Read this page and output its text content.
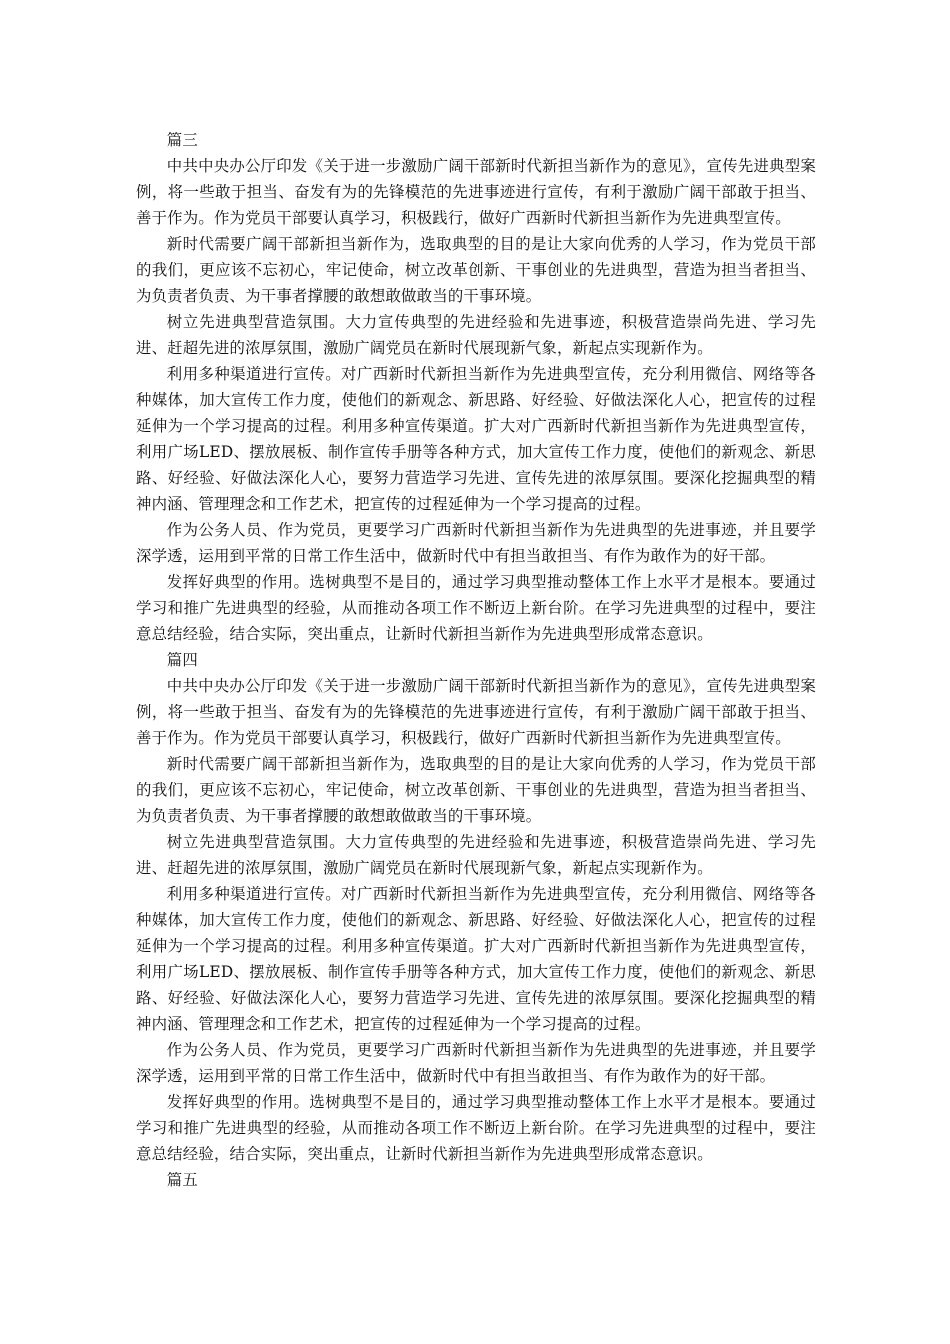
篇三

中共中央办公厅印发《关于进一步激励广阔干部新时代新担当新作为的意见》，宣传先进典型案例，将一些敢于担当、奋发有为的先锋模范的先进事迹进行宣传，有利于激励广阔干部敢于担当、善于作为。作为党员干部要认真学习，积极践行，做好广西新时代新担当新作为先进典型宣传。

新时代需要广阔干部新担当新作为，选取典型的目的是让大家向优秀的人学习，作为党员干部的我们，更应该不忘初心，牢记使命，树立改革创新、干事创业的先进典型，营造为担当者担当、为负责者负责、为干事者撑腰的敢想敢做敢当的干事环境。

树立先进典型营造氛围。大力宣传典型的先进经验和先进事迹，积极营造崇尚先进、学习先进、赶超先进的浓厚氛围，激励广阔党员在新时代展现新气象，新起点实现新作为。

利用多种渠道进行宣传。对广西新时代新担当新作为先进典型宣传，充分利用微信、网络等各种媒体，加大宣传工作力度，使他们的新观念、新思路、好经验、好做法深化人心，把宣传的过程延伸为一个学习提高的过程。利用多种宣传渠道。扩大对广西新时代新担当新作为先进典型宣传，利用广场LED、摆放展板、制作宣传手册等各种方式，加大宣传工作力度，使他们的新观念、新思路、好经验、好做法深化人心，要努力营造学习先进、宣传先进的浓厚氛围。要深化挖掘典型的精神内涵、管理理念和工作艺术，把宣传的过程延伸为一个学习提高的过程。

作为公务人员、作为党员，更要学习广西新时代新担当新作为先进典型的先进事迹，并且要学深学透，运用到平常的日常工作生活中，做新时代中有担当敢担当、有作为敢作为的好干部。

发挥好典型的作用。选树典型不是目的，通过学习典型推动整体工作上水平才是根本。要通过学习和推广先进典型的经验，从而推动各项工作不断迈上新台阶。在学习先进典型的过程中，要注意总结经验，结合实际，突出重点，让新时代新担当新作为先进典型形成常态意识。

篇四

中共中央办公厅印发《关于进一步激励广阔干部新时代新担当新作为的意见》，宣传先进典型案例，将一些敢于担当、奋发有为的先锋模范的先进事迹进行宣传，有利于激励广阔干部敢于担当、善于作为。作为党员干部要认真学习，积极践行，做好广西新时代新担当新作为先进典型宣传。

新时代需要广阔干部新担当新作为，选取典型的目的是让大家向优秀的人学习，作为党员干部的我们，更应该不忘初心，牢记使命，树立改革创新、干事创业的先进典型，营造为担当者担当、为负责者负责、为干事者撑腰的敢想敢做敢当的干事环境。

树立先进典型营造氛围。大力宣传典型的先进经验和先进事迹，积极营造崇尚先进、学习先进、赶超先进的浓厚氛围，激励广阔党员在新时代展现新气象，新起点实现新作为。

利用多种渠道进行宣传。对广西新时代新担当新作为先进典型宣传，充分利用微信、网络等各种媒体，加大宣传工作力度，使他们的新观念、新思路、好经验、好做法深化人心，把宣传的过程延伸为一个学习提高的过程。利用多种宣传渠道。扩大对广西新时代新担当新作为先进典型宣传，利用广场LED、摆放展板、制作宣传手册等各种方式，加大宣传工作力度，使他们的新观念、新思路、好经验、好做法深化人心，要努力营造学习先进、宣传先进的浓厚氛围。要深化挖掘典型的精神内涵、管理理念和工作艺术，把宣传的过程延伸为一个学习提高的过程。

作为公务人员、作为党员，更要学习广西新时代新担当新作为先进典型的先进事迹，并且要学深学透，运用到平常的日常工作生活中，做新时代中有担当敢担当、有作为敢作为的好干部。

发挥好典型的作用。选树典型不是目的，通过学习典型推动整体工作上水平才是根本。要通过学习和推广先进典型的经验，从而推动各项工作不断迈上新台阶。在学习先进典型的过程中，要注意总结经验，结合实际，突出重点，让新时代新担当新作为先进典型形成常态意识。

篇五
